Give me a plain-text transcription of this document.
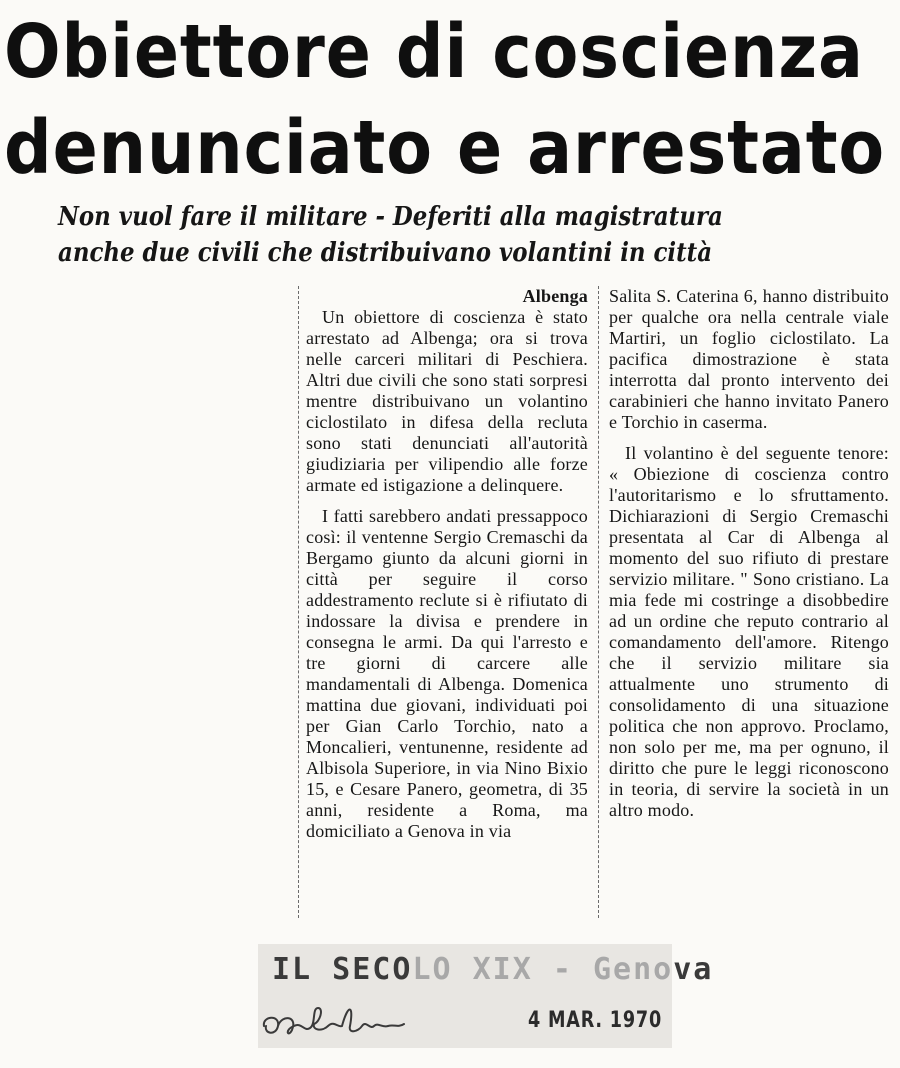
Obiettore di coscienza
denunciato e arrestato
Non vuol fare il militare - Deferiti alla magistratura
anche due civili che distribuivano volantini in città
Albenga

Un obiettore di coscienza è stato arrestato ad Albenga; ora si trova nelle carceri militari di Peschiera. Altri due civili che sono stati sorpresi mentre distribuivano un volantino ciclostilato in difesa della recluta sono stati denunciati all'autorità giudiziaria per vilipendio alle forze armate ed istigazione a delinquere.

I fatti sarebbero andati pressappoco così: il ventenne Sergio Cremaschi da Bergamo giunto da alcuni giorni in città per seguire il corso addestramento reclute si è rifiutato di indossare la divisa e prendere in consegna le armi. Da qui l'arresto e tre giorni di carcere alle mandamentali di Albenga. Domenica mattina due giovani, individuati poi per Gian Carlo Torchio, nato a Moncalieri, ventunenne, residente ad Albisola Superiore, in via Nino Bixio 15, e Cesare Panero, geometra, di 35 anni, residente a Roma, ma domiciliato a Genova in via

Salita S. Caterina 6, hanno distribuito per qualche ora nella centrale viale Martiri, un foglio ciclostilato. La pacifica dimostrazione è stata interrotta dal pronto intervento dei carabinieri che hanno invitato Panero e Torchio in caserma.

Il volantino è del seguente tenore: « Obiezione di coscienza contro l'autoritarismo e lo sfruttamento. Dichiarazioni di Sergio Cremaschi presentata al Car di Albenga al momento del suo rifiuto di prestare servizio militare. " Sono cristiano. La mia fede mi costringe a disobbedire ad un ordine che reputo contrario al comandamento dell'amore. Ritengo che il servizio militare sia attualmente uno strumento di consolidamento di una situazione politica che non approvo. Proclamo, non solo per me, ma per ognuno, il diritto che pure le leggi riconoscono in teoria, di servire la società in un altro modo.

IL SECOLO XIX - Genova
4 MAR. 1970
